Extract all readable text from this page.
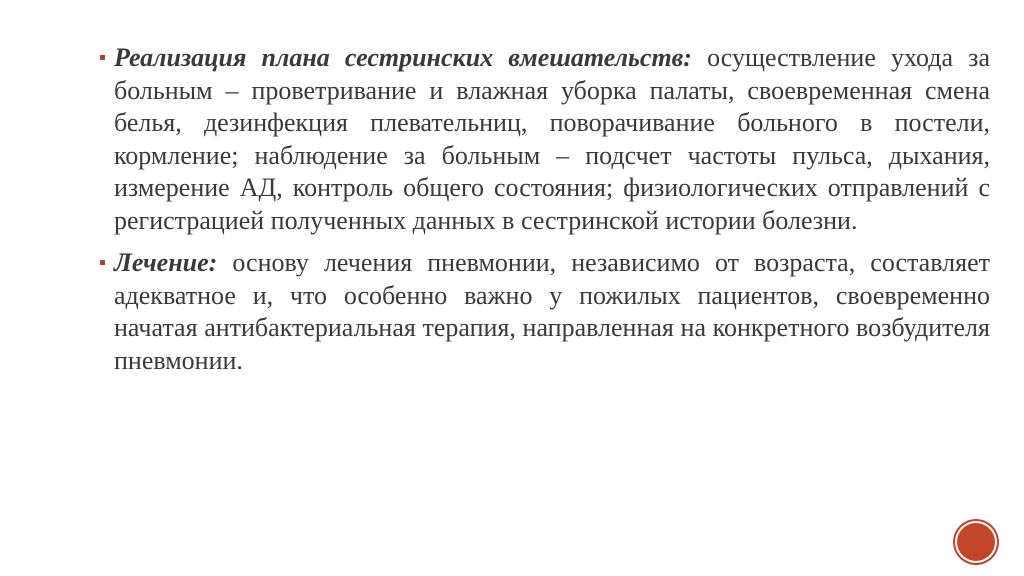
Реализация плана сестринских вмешательств: осуществление ухода за больным – проветривание и влажная уборка палаты, своевременная смена белья, дезинфекция плевательниц, поворачивание больного в постели, кормление; наблюдение за больным – подсчет частоты пульса, дыхания, измерение АД, контроль общего состояния; физиологических отправлений с регистрацией полученных данных в сестринской истории болезни.
Лечение: основу лечения пневмонии, независимо от возраста, составляет адекватное и, что особенно важно у пожилых пациентов, своевременно начатая антибактериальная терапия, направленная на конкретного возбудителя пневмонии.
